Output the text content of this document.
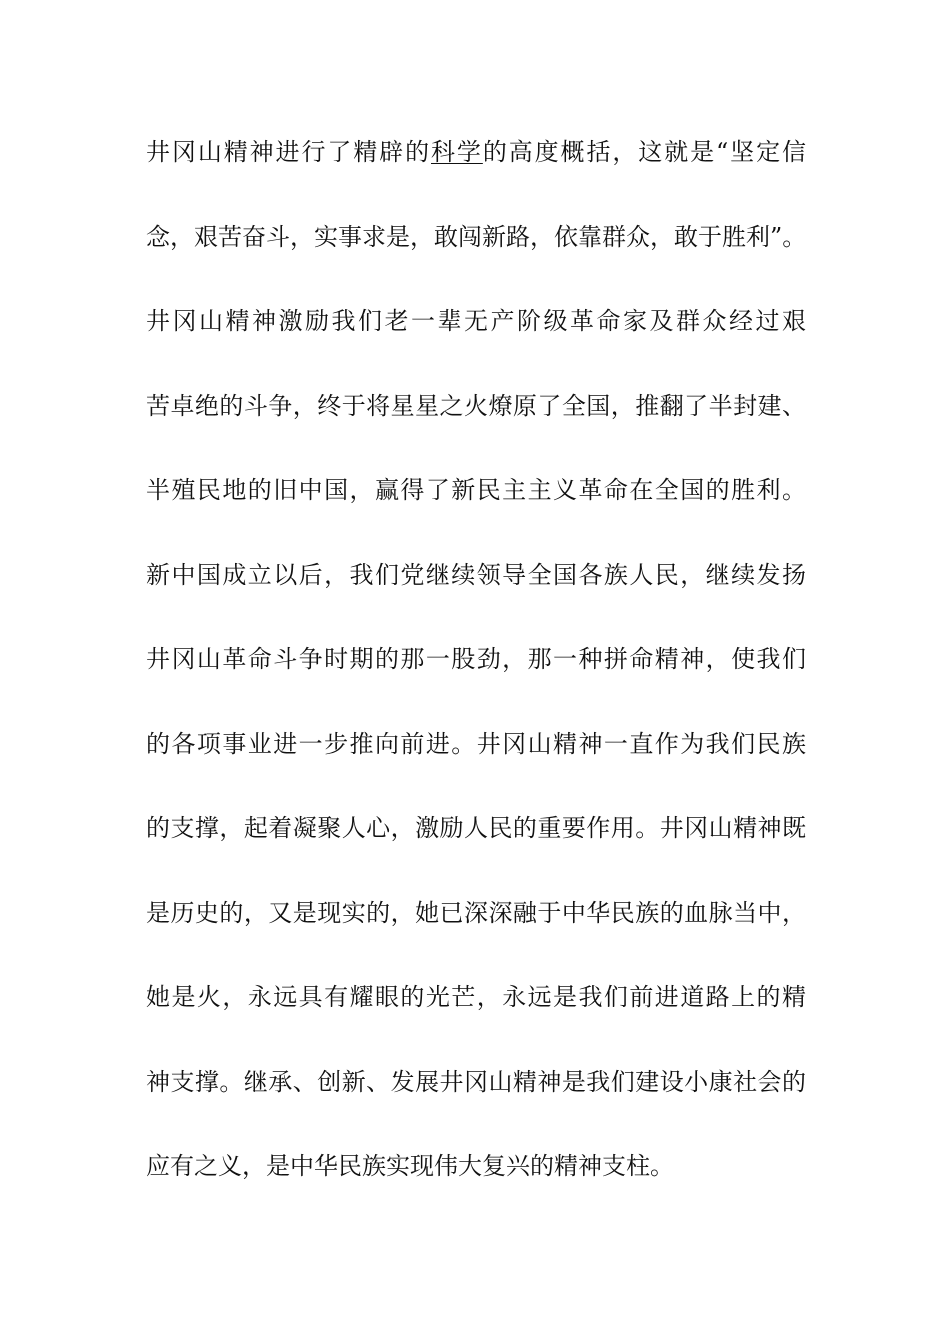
井冈山精神进行了精辟的科学的高度概括，这就是“坚定信
念，艰苦奋斗，实事求是，敢闯新路，依靠群众，敢于胜利”。
井冈山精神激励我们老一辈无产阶级革命家及群众经过艰
苦卓绝的斗争，终于将星星之火燎原了全国，推翻了半封建、
半殖民地的旧中国，赢得了新民主主义革命在全国的胜利。
新中国成立以后，我们党继续领导全国各族人民，继续发扬
井冈山革命斗争时期的那一股劲，那一种拼命精神，使我们
的各项事业进一步推向前进。井冈山精神一直作为我们民族
的支撑，起着凝聚人心，激励人民的重要作用。井冈山精神既
是历史的，又是现实的，她已深深融于中华民族的血脉当中，
她是火，永远具有耀眼的光芒，永远是我们前进道路上的精
神支撑。继承、创新、发展井冈山精神是我们建设小康社会的
应有之义，是中华民族实现伟大复兴的精神支柱。
